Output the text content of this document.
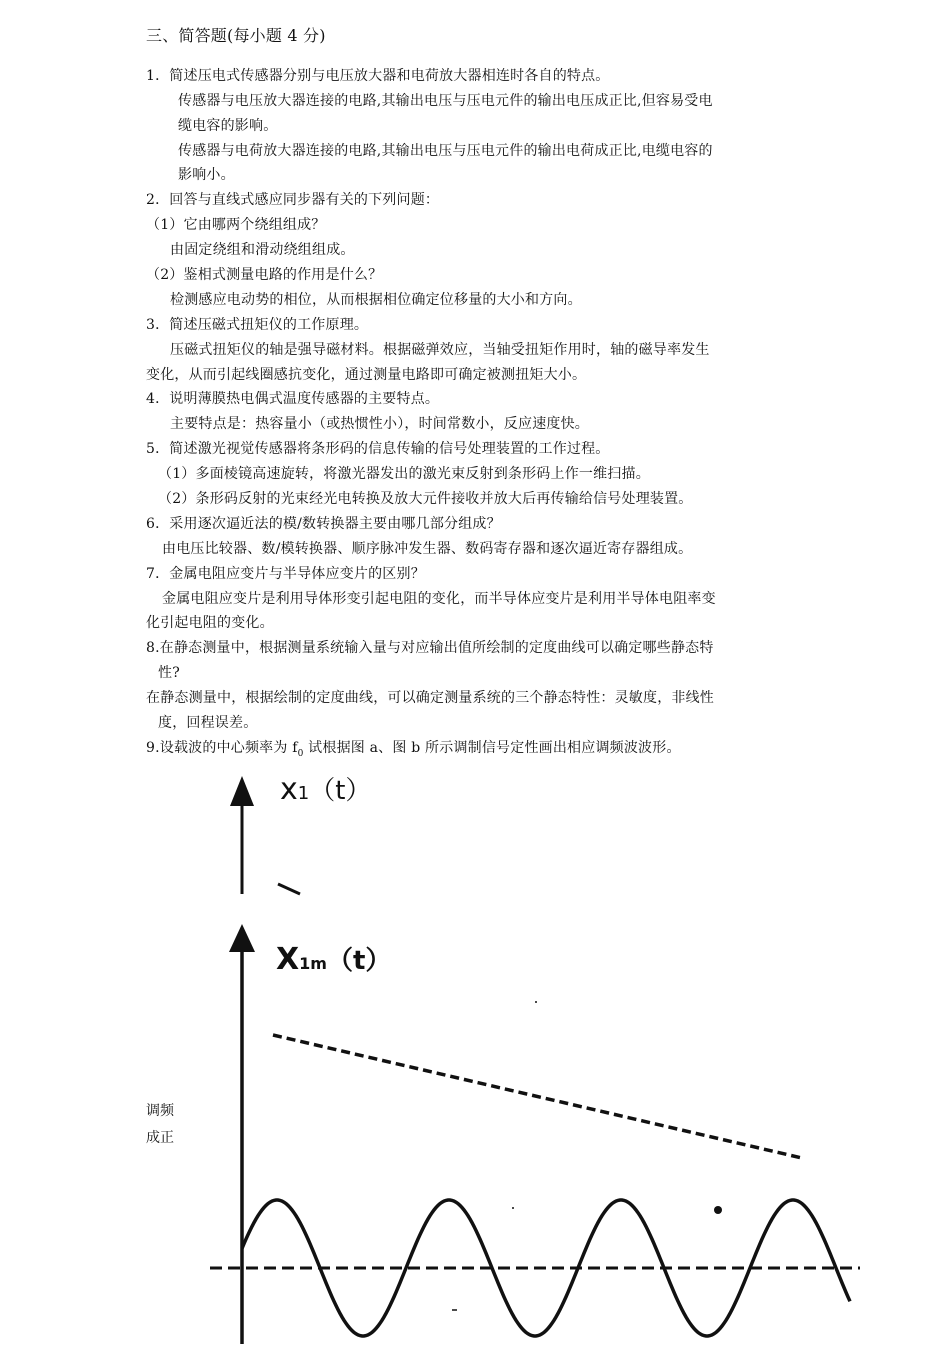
三、简答题(每小题 4 分)
1．简述压电式传感器分别与电压放大器和电荷放大器相连时各自的特点。
传感器与电压放大器连接的电路,其输出电压与压电元件的输出电压成正比,但容易受电
缆电容的影响。
传感器与电荷放大器连接的电路,其输出电压与压电元件的输出电荷成正比,电缆电容的
影响小。
2．回答与直线式感应同步器有关的下列问题：
（1）它由哪两个绕组组成？
由固定绕组和滑动绕组组成。
（2）鉴相式测量电路的作用是什么？
检测感应电动势的相位，从而根据相位确定位移量的大小和方向。
3．简述压磁式扭矩仪的工作原理。
压磁式扭矩仪的轴是强导磁材料。根据磁弹效应，当轴受扭矩作用时，轴的磁导率发生
变化，从而引起线圈感抗变化，通过测量电路即可确定被测扭矩大小。
4．说明薄膜热电偶式温度传感器的主要特点。
主要特点是：热容量小（或热惯性小），时间常数小，反应速度快。
5．简述激光视觉传感器将条形码的信息传输的信号处理装置的工作过程。
（1）多面棱镜高速旋转，将激光器发出的激光束反射到条形码上作一维扫描。
（2）条形码反射的光束经光电转换及放大元件接收并放大后再传输给信号处理装置。
6．采用逐次逼近法的模/数转换器主要由哪几部分组成？
由电压比较器、数/模转换器、顺序脉冲发生器、数码寄存器和逐次逼近寄存器组成。
7．金属电阻应变片与半导体应变片的区别？
金属电阻应变片是利用导体形变引起电阻的变化，而半导体应变片是利用半导体电阻率变
化引起电阻的变化。
8.在静态测量中，根据测量系统输入量与对应输出值所绘制的定度曲线可以确定哪些静态特
性?
在静态测量中，根据绘制的定度曲线，可以确定测量系统的三个静态特性：灵敏度，非线性
度，回程误差。
9.设载波的中心频率为 $f_0$ 试根据图 a、图 b 所示调制信号定性画出相应调频波波形。
调频
成正
x1（t）
X1m（t）
